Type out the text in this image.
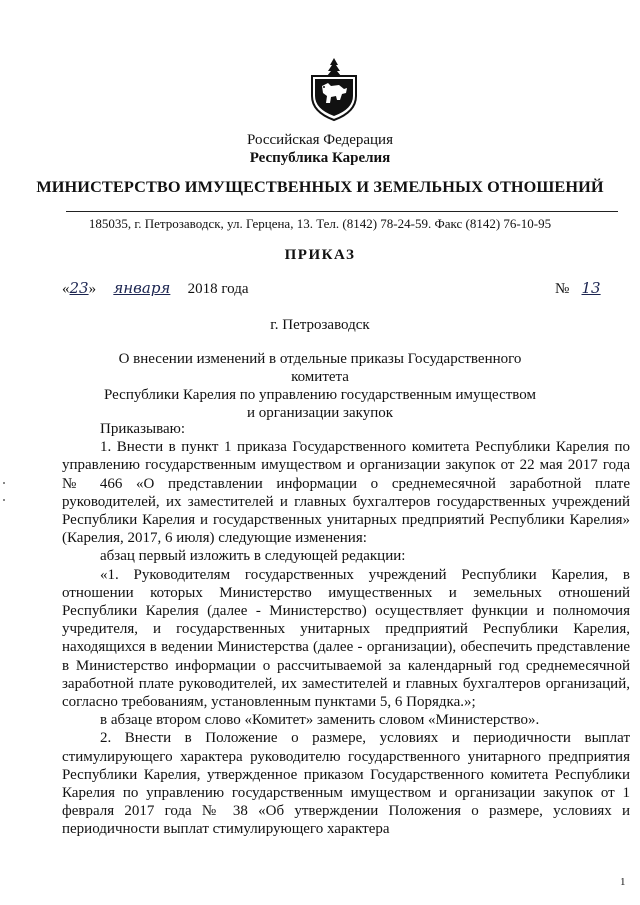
Российская Федерация
Республика Карелия
МИНИСТЕРСТВО ИМУЩЕСТВЕННЫХ И ЗЕМЕЛЬНЫХ ОТНОШЕНИЙ
185035, г. Петрозаводск, ул. Герцена, 13. Тел. (8142) 78-24-59. Факс (8142) 76-10-95
ПРИКАЗ
«23» января 2018 года	№ 13
г. Петрозаводск
О внесении изменений в отдельные приказы Государственного комитета
Республики Карелия по управлению государственным имуществом
и организации закупок

Приказываю:

1. Внести в пункт 1 приказа Государственного комитета Республики Карелия по управлению государственным имуществом и организации закупок от 22 мая 2017 года № 466 «О представлении информации о среднемесячной заработной плате руководителей, их заместителей и главных бухгалтеров государственных учреждений Республики Карелия и государственных унитарных предприятий Республики Карелия» (Карелия, 2017, 6 июля) следующие изменения:

абзац первый изложить в следующей редакции:

«1. Руководителям государственных учреждений Республики Карелия, в отношении которых Министерство имущественных и земельных отношений Республики Карелия (далее - Министерство) осуществляет функции и полномочия учредителя, и государственных унитарных предприятий Республики Карелия, находящихся в ведении Министерства (далее - организации), обеспечить представление в Министерство информации о рассчитываемой за календарный год среднемесячной заработной плате руководителей, их заместителей и главных бухгалтеров организаций, согласно требованиям, установленным пунктами 5, 6 Порядка.»;

в абзаце втором слово «Комитет» заменить словом «Министерство».

2. Внести в Положение о размере, условиях и периодичности выплат стимулирующего характера руководителю государственного унитарного предприятия Республики Карелия, утвержденное приказом Государственного комитета Республики Карелия по управлению государственным имуществом и организации закупок от 1 февраля 2017 года № 38 «Об утверждении Положения о размере, условиях и периодичности выплат стимулирующего характера

1
